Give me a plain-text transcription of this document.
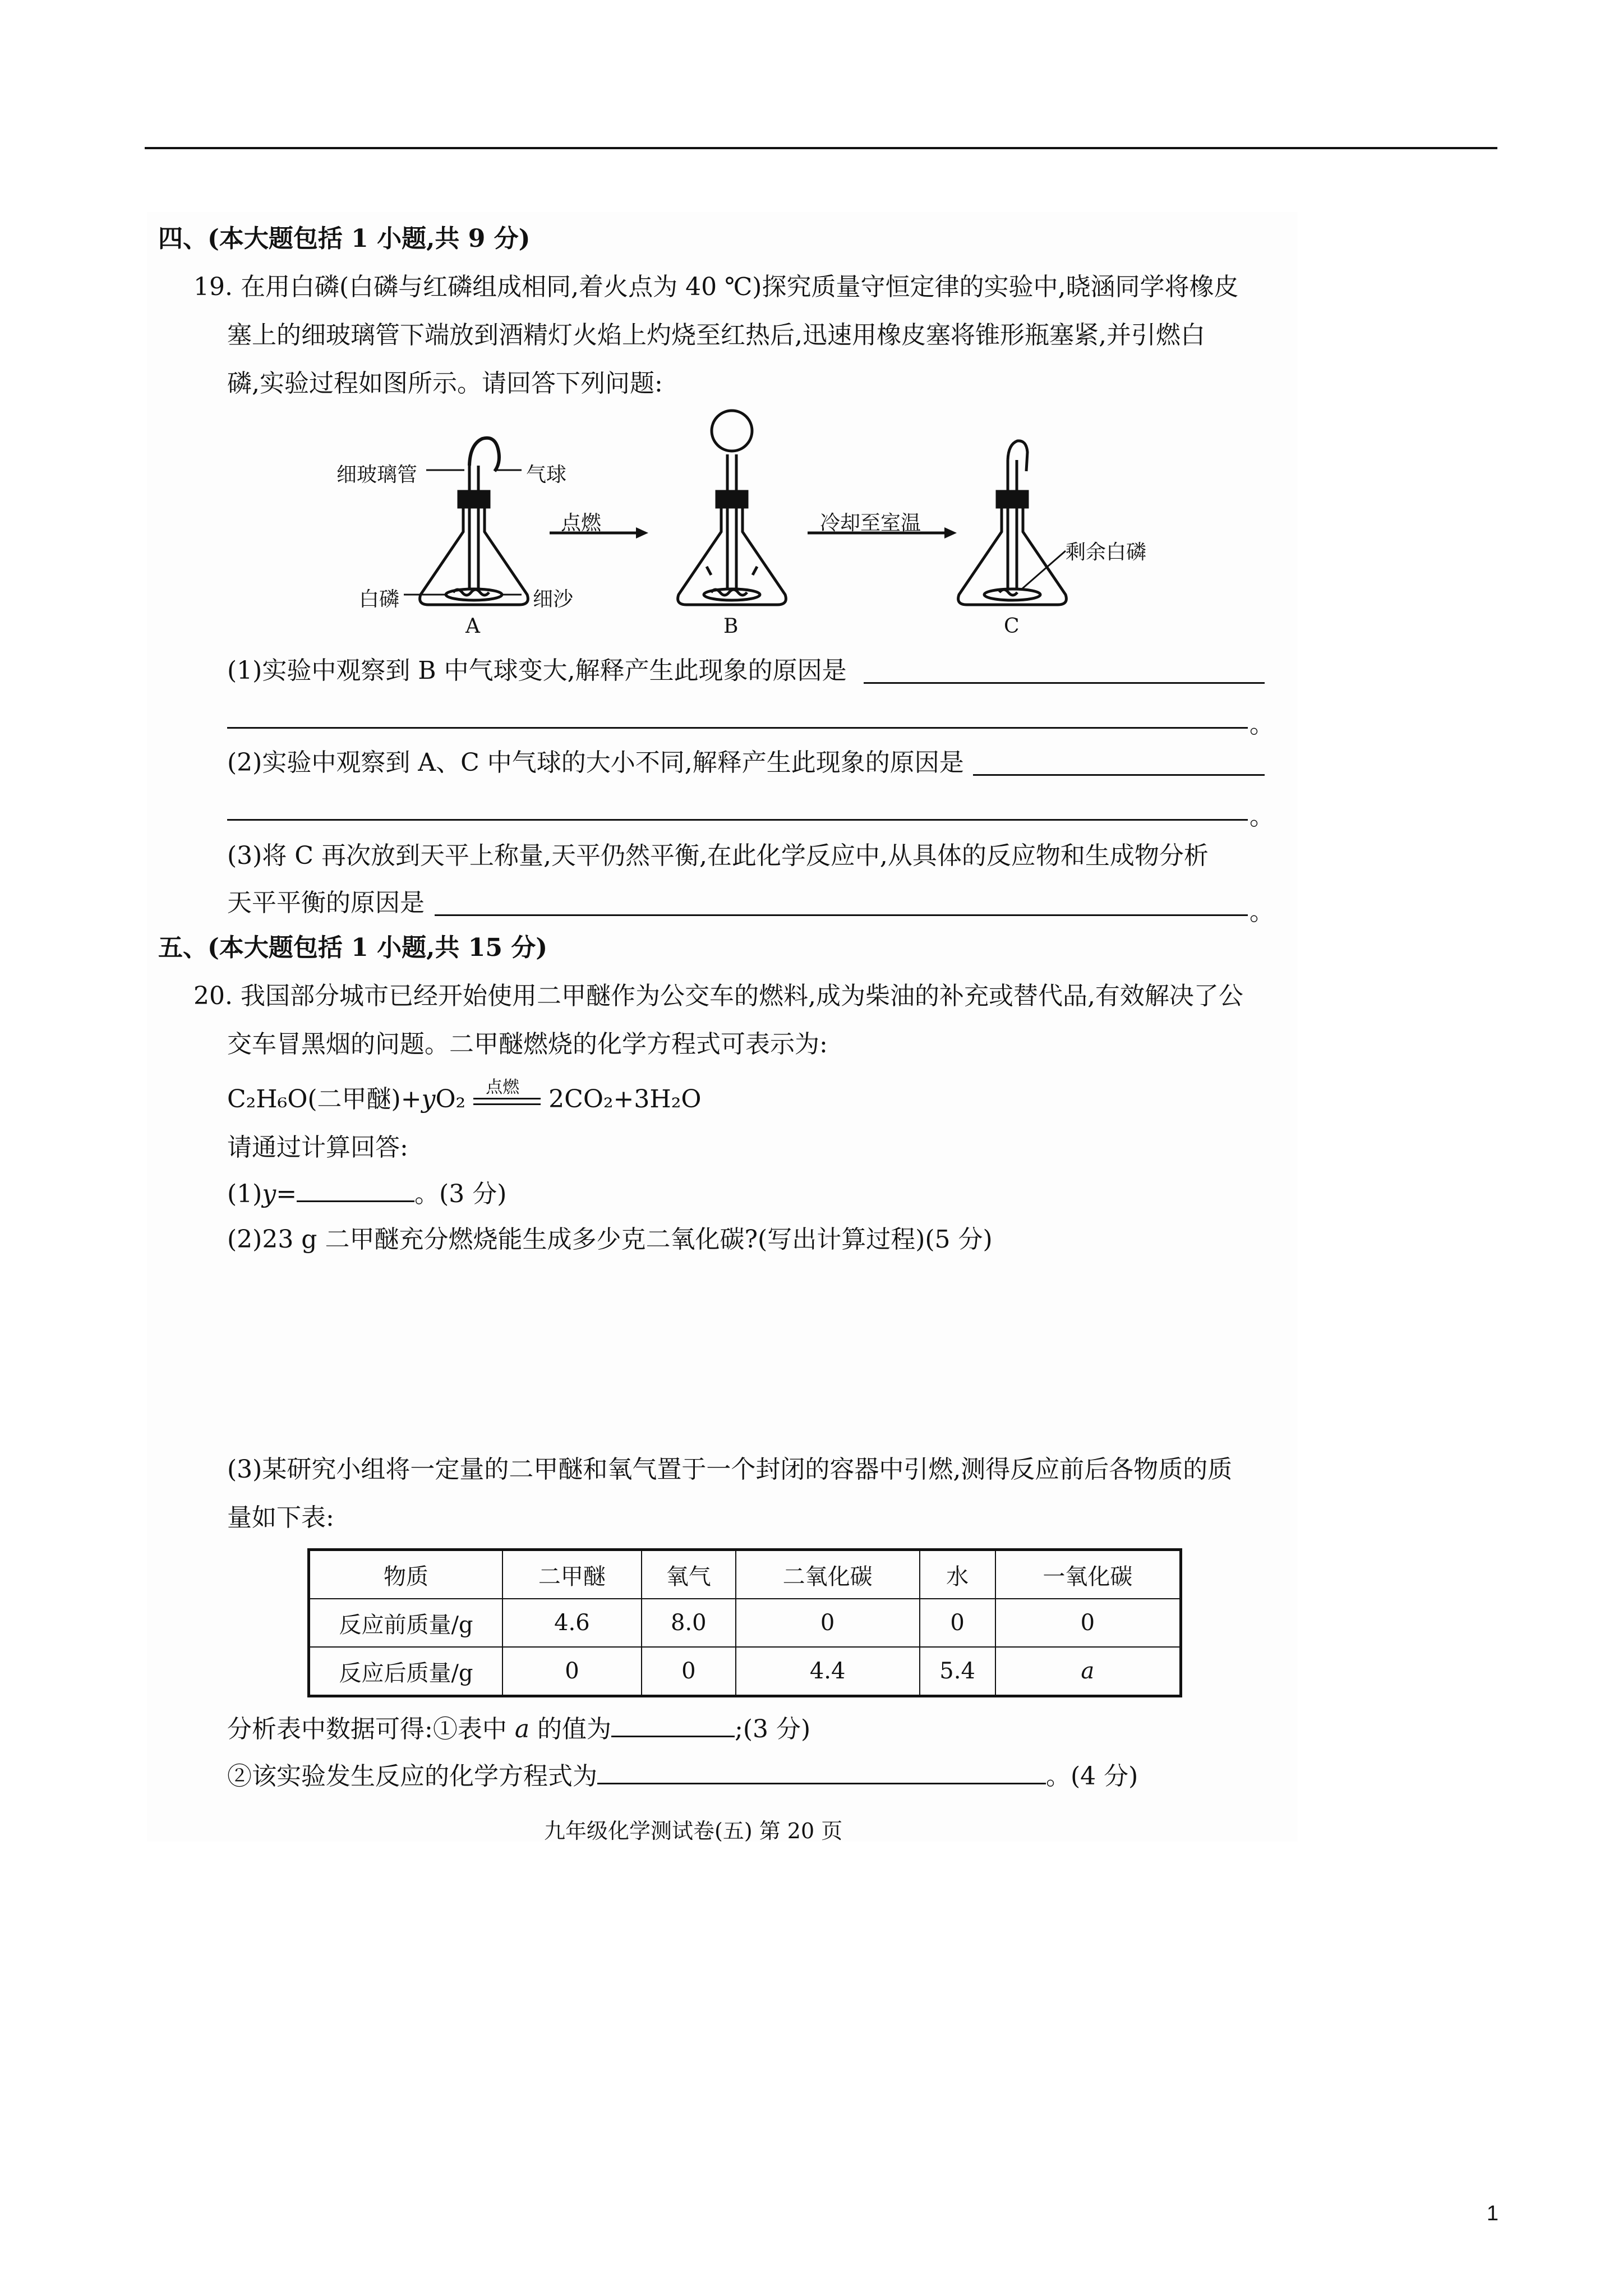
四、(本大题包括 1 小题,共 9 分)
19. 在用白磷(白磷与红磷组成相同,着火点为 40 ℃)探究质量守恒定律的实验中,晓涵同学将橡皮
塞上的细玻璃管下端放到酒精灯火焰上灼烧至红热后,迅速用橡皮塞将锥形瓶塞紧,并引燃白
磷,实验过程如图所示。请回答下列问题:
细玻璃管	气球
白磷	细沙
点燃	冷却至室温
剩余白磷
A	B	C
(1)实验中观察到 B 中气球变大,解释产生此现象的原因是
。
(2)实验中观察到 A、C 中气球的大小不同,解释产生此现象的原因是
。
(3)将 C 再次放到天平上称量,天平仍然平衡,在此化学反应中,从具体的反应物和生成物分析
天平平衡的原因是	。
五、(本大题包括 1 小题,共 15 分)
20. 我国部分城市已经开始使用二甲醚作为公交车的燃料,成为柴油的补充或替代品,有效解决了公
交车冒黑烟的问题。二甲醚燃烧的化学方程式可表示为:
C₂H₆O(二甲醚)+yO₂ 点燃 2CO₂+3H₂O
请通过计算回答:
(1)y=	。(3 分)
(2)23 g 二甲醚充分燃烧能生成多少克二氧化碳?(写出计算过程)(5 分)
(3)某研究小组将一定量的二甲醚和氧气置于一个封闭的容器中引燃,测得反应前后各物质的质
量如下表:
物质	二甲醚	氧气	二氧化碳	水	一氧化碳
反应前质量/g	4.6	8.0	0	0	0
反应后质量/g	0	0	4.4	5.4	a
分析表中数据可得:①表中 a 的值为	;(3 分)
②该实验发生反应的化学方程式为	。(4 分)
九年级化学测试卷(五) 第 20 页
1
